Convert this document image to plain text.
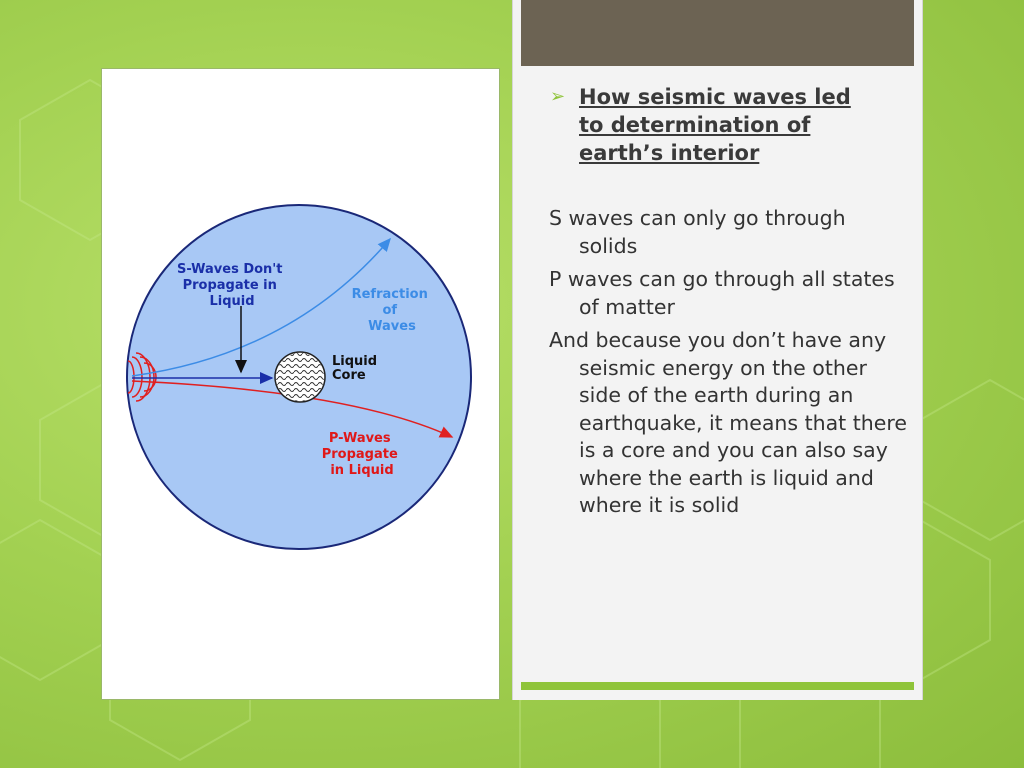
S-Waves Don't Propagate in Liquid	Refraction of Waves
Liquid Core
P-Waves Propagate in Liquid
➢ How seismic waves led to determination of earth’s interior
S waves can only go through solids
P waves can go through all states of matter
And because you don’t have any seismic energy on the other side of the earth during an earthquake, it means that there is a core and you can also say where the earth is liquid and where it is solid
